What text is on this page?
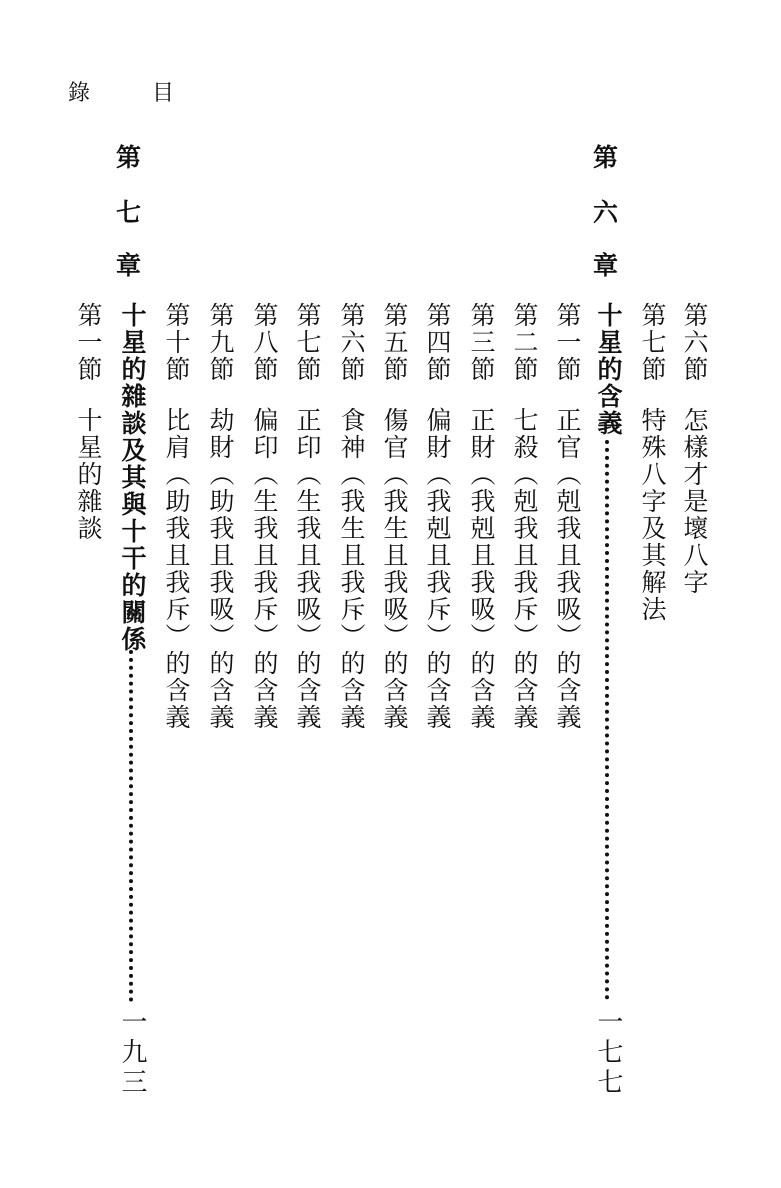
目
錄
第六節怎樣才是壞八字
第七節特殊八字及其解法
第
六
章
十星的含義
一七七
第一節正官（剋我且我吸）的含義
第二節七殺（剋我且我斥）的含義
第三節正財（我剋且我吸）的含義
第四節偏財（我剋且我斥）的含義
第五節傷官（我生且我吸）的含義
第六節食神（我生且我斥）的含義
第七節正印（生我且我吸）的含義
第八節偏印（生我且我斥）的含義
第九節劫財（助我且我吸）的含義
第十節比肩（助我且我斥）的含義
第
七
章
十星的雜談及其與十干的關係
一九三
第一節十星的雜談
